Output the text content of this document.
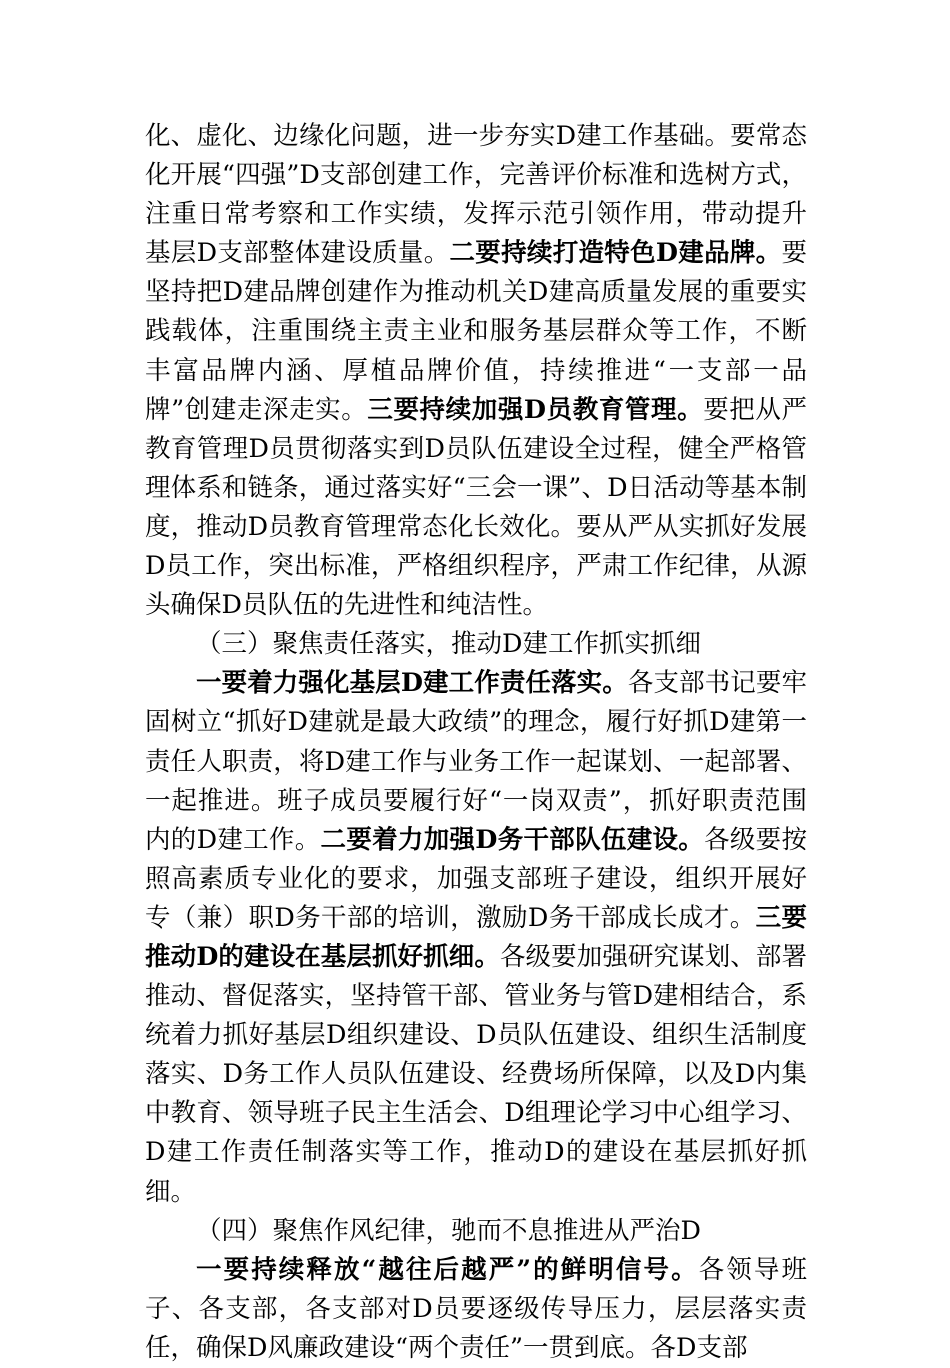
化、虚化、边缘化问题，进一步夯实D建工作基础。要常态化开展“四强”D支部创建工作，完善评价标准和选树方式，注重日常考察和工作实绩，发挥示范引领作用，带动提升基层D支部整体建设质量。二要持续打造特色D建品牌。要坚持把D建品牌创建作为推动机关D建高质量发展的重要实践载体，注重围绕主责主业和服务基层群众等工作，不断丰富品牌内涵、厚植品牌价值，持续推进“一支部一品牌”创建走深走实。三要持续加强D员教育管理。要把从严教育管理D员贯彻落实到D员队伍建设全过程，健全严格管理体系和链条，通过落实好“三会一课”、D日活动等基本制度，推动D员教育管理常态化长效化。要从严从实抓好发展D员工作，突出标准，严格组织程序，严肃工作纪律，从源头确保D员队伍的先进性和纯洁性。

（三）聚焦责任落实，推动D建工作抓实抓细

一要着力强化基层D建工作责任落实。各支部书记要牢固树立“抓好D建就是最大政绩”的理念，履行好抓D建第一责任人职责，将D建工作与业务工作一起谋划、一起部署、一起推进。班子成员要履行好“一岗双责”，抓好职责范围内的D建工作。二要着力加强D务干部队伍建设。各级要按照高素质专业化的要求，加强支部班子建设，组织开展好专（兼）职D务干部的培训，激励D务干部成长成才。三要推动D的建设在基层抓好抓细。各级要加强研究谋划、部署推动、督促落实，坚持管干部、管业务与管D建相结合，系统着力抓好基层D组织建设、D员队伍建设、组织生活制度落实、D务工作人员队伍建设、经费场所保障，以及D内集中教育、领导班子民主生活会、D组理论学习中心组学习、D建工作责任制落实等工作，推动D的建设在基层抓好抓细。

（四）聚焦作风纪律，驰而不息推进从严治D

一要持续释放“越往后越严”的鲜明信号。各领导班子、各支部，各支部对D员要逐级传导压力，层层落实责任，确保D风廉政建设“两个责任”一贯到底。各D支部
